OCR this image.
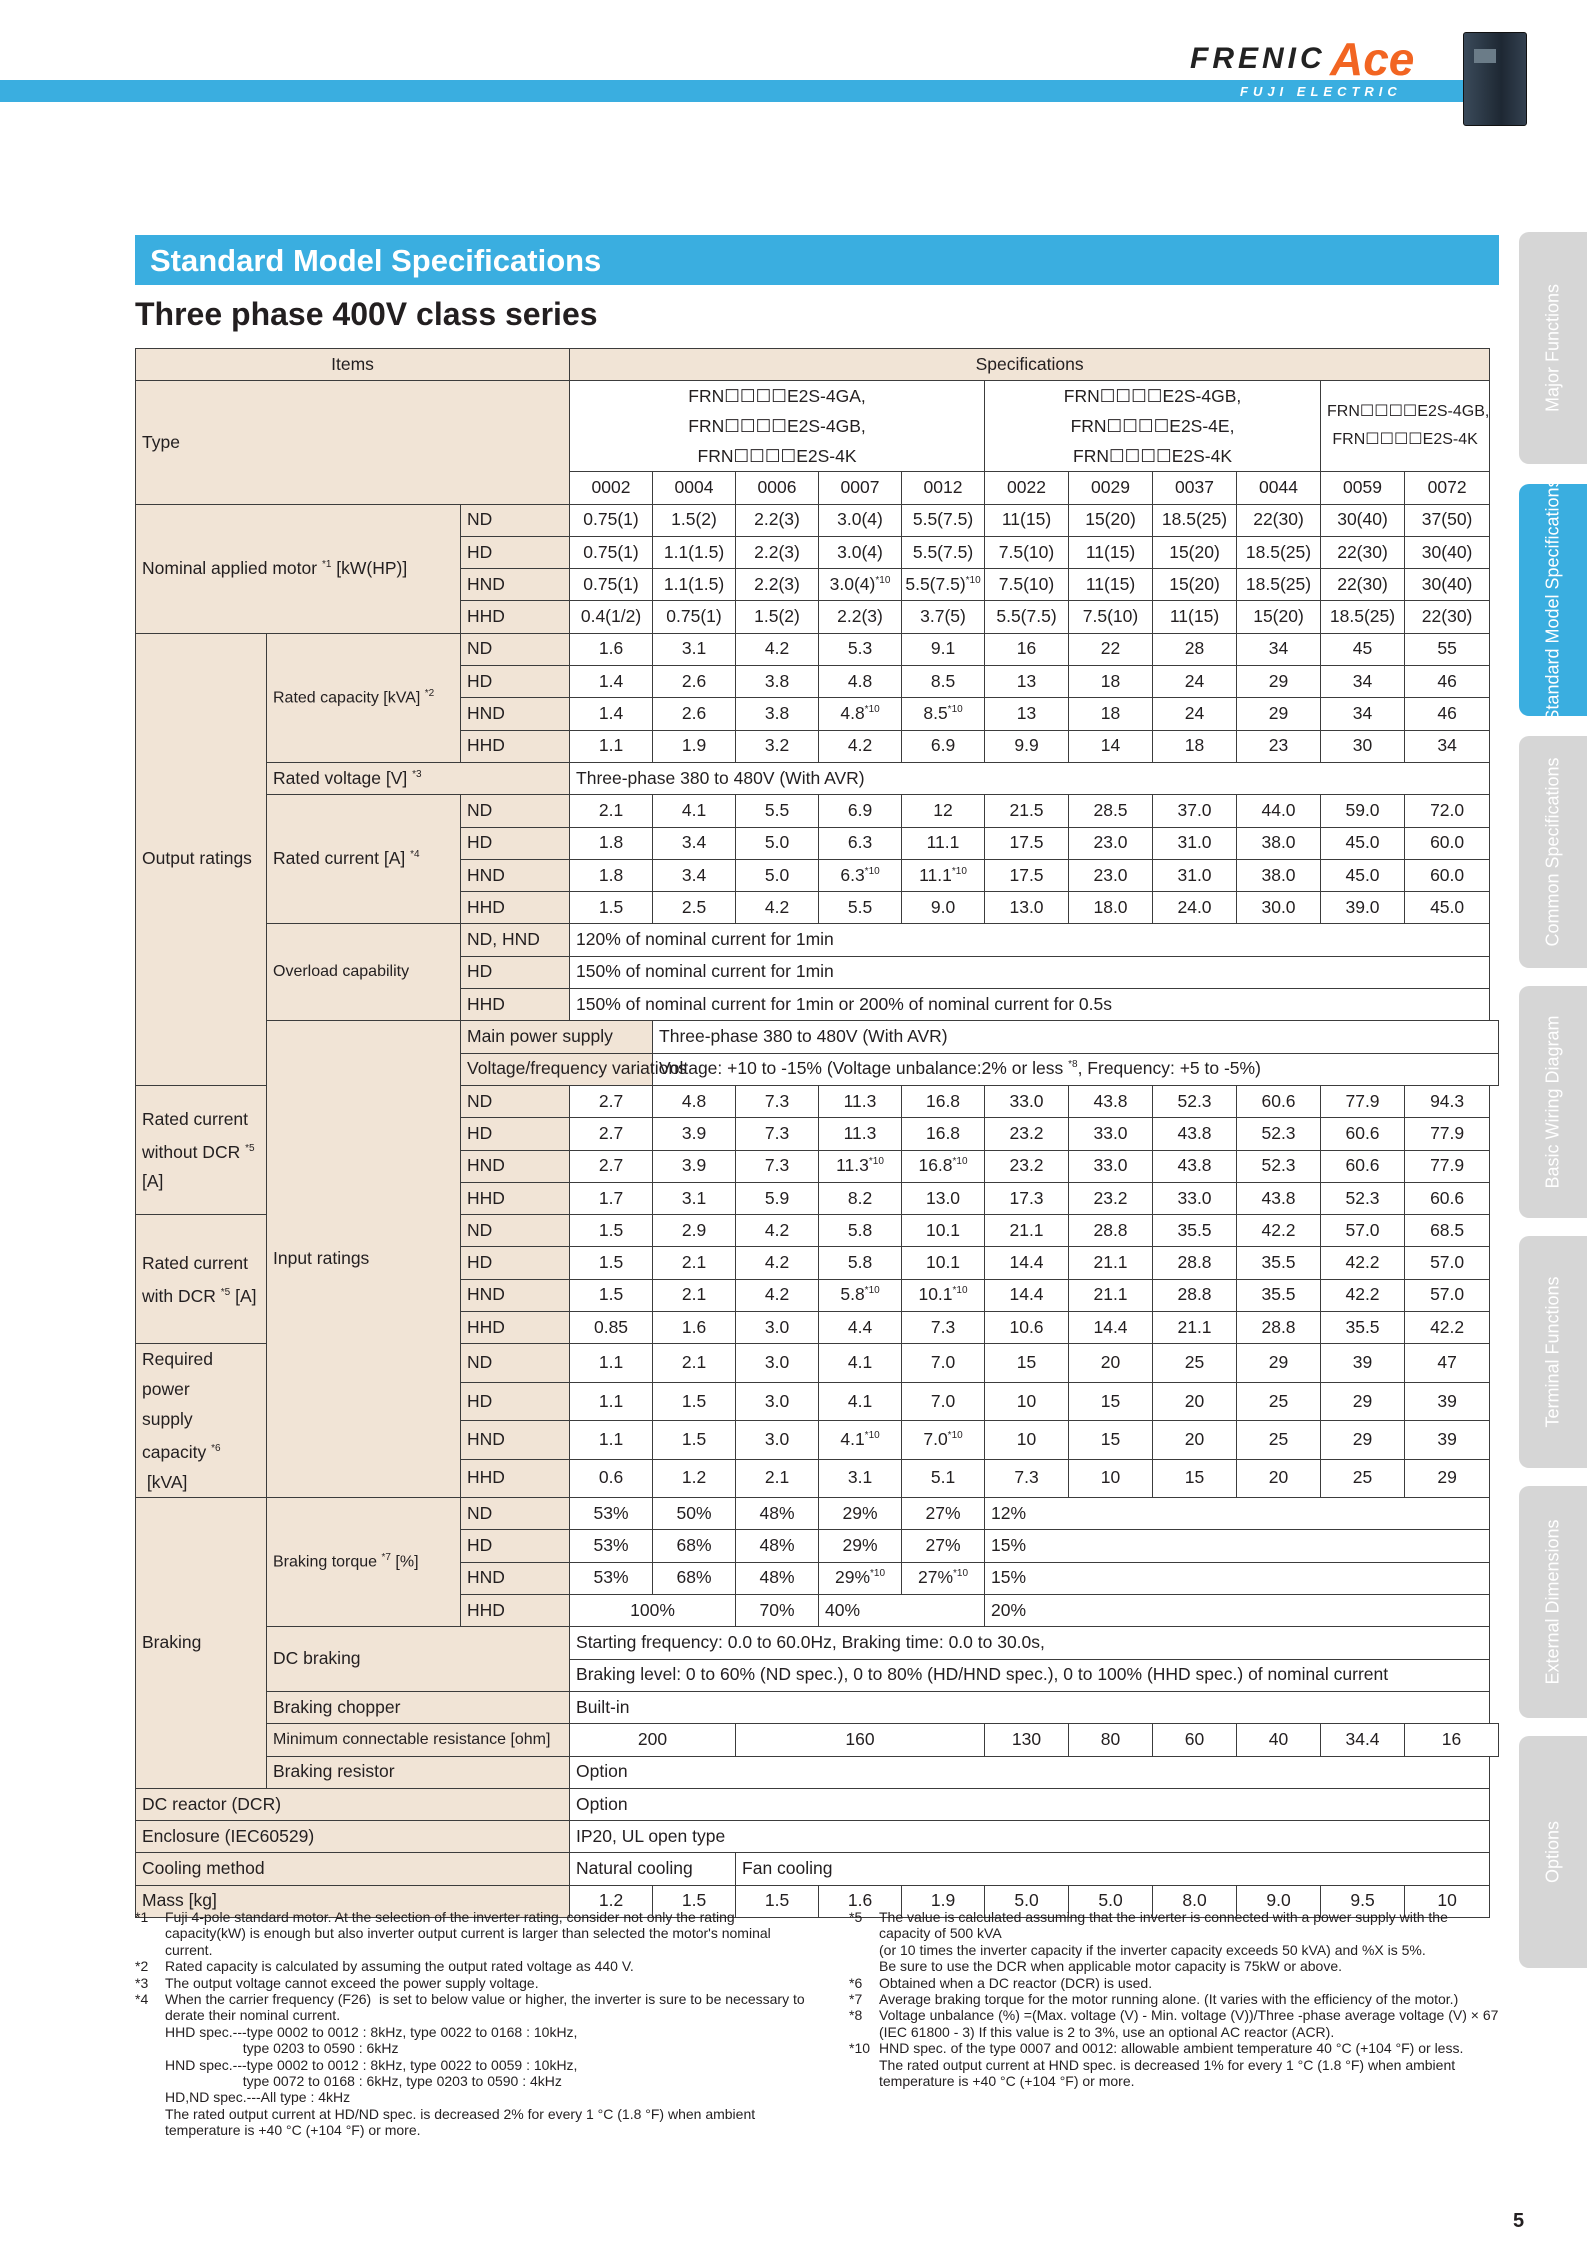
FRENIC Ace
FUJI ELECTRIC INVERTERS
Standard Model Specifications
Three phase 400V class series	Major Functions
Standard Model Specifications
Common Specifications
Basic Wiring Diagram
Terminal Functions
External Dimensions
Options
Items			Specifications										
Type			FRN☐☐☐☐E2S-4GA,
FRN☐☐☐☐E2S-4GB,
FRN☐☐☐☐E2S-4K					FRN☐☐☐☐E2S-4GB,
FRN☐☐☐☐E2S-4E,
FRN☐☐☐☐E2S-4K				FRN☐☐☐☐E2S-4GB,
FRN☐☐☐☐E2S-4K	
			0002	0004	0006	0007	0012	0022	0029	0037	0044	0059	0072
Nominal applied motor $^{*1}$ [kW(HP)]		ND	0.75(1)	1.5(2)	2.2(3)	3.0(4)	5.5(7.5)	11(15)	15(20)	18.5(25)	22(30)	30(40)	37(50)
		HD	0.75(1)	1.1(1.5)	2.2(3)	3.0(4)	5.5(7.5)	7.5(10)	11(15)	15(20)	18.5(25)	22(30)	30(40)
		HND	0.75(1)	1.1(1.5)	2.2(3)	$3.0(4)^{*10}$	$5.5(7.5)^{*10}$	7.5(10)	11(15)	15(20)	18.5(25)	22(30)	30(40)
		HHD	0.4(1/2)	0.75(1)	1.5(2)	2.2(3)	3.7(5)	5.5(7.5)	7.5(10)	11(15)	15(20)	18.5(25)	22(30)
Output ratings	Rated capacity [kVA] $^{*2}$	ND	1.6	3.1	4.2	5.3	9.1	16	22	28	34	45	55
		HD	1.4	2.6	3.8	4.8	8.5	13	18	24	29	34	46
		HND	1.4	2.6	3.8	4.8$^{*10}$	8.5$^{*10}$	13	18	24	29	34	46
		HHD	1.1	1.9	3.2	4.2	6.9	9.9	14	18	23	30	34
	Rated voltage [V] $^{*3}$		Three-phase 380 to 480V (With AVR)										
	Rated current [A] $^{*4}$	ND	2.1	4.1	5.5	6.9	12	21.5	28.5	37.0	44.0	59.0	72.0
		HD	1.8	3.4	5.0	6.3	11.1	17.5	23.0	31.0	38.0	45.0	60.0
		HND	1.8	3.4	5.0	6.3$^{*10}$	11.1$^{*10}$	17.5	23.0	31.0	38.0	45.0	60.0
		HHD	1.5	2.5	4.2	5.5	9.0	13.0	18.0	24.0	30.0	39.0	45.0
	Overload capability	ND, HND	120% of nominal current for 1min										
		HD	150% of nominal current for 1min										
		HHD	150% of nominal current for 1min or 200% of nominal current for 0.5s										
	Input ratings	Main power supply		Three-phase 380 to 480V (With AVR)									
		Voltage/frequency variations		Voltage: +10 to -15% (Voltage unbalance:2% or less $^{*8}$, Frequency: +5 to -5%)									
Rated current
without DCR $^{*5}$ [A]		ND	2.7	4.8	7.3	11.3	16.8	33.0	43.8	52.3	60.6	77.9	94.3
		HD	2.7	3.9	7.3	11.3	16.8	23.2	33.0	43.8	52.3	60.6	77.9
		HND	2.7	3.9	7.3	11.3$^{*10}$	16.8$^{*10}$	23.2	33.0	43.8	52.3	60.6	77.9
		HHD	1.7	3.1	5.9	8.2	13.0	17.3	23.2	33.0	43.8	52.3	60.6
Rated current
with DCR $^{*5}$ [A]		ND	1.5	2.9	4.2	5.8	10.1	21.1	28.8	35.5	42.2	57.0	68.5
		HD	1.5	2.1	4.2	5.8	10.1	14.4	21.1	28.8	35.5	42.2	57.0
		HND	1.5	2.1	4.2	5.8$^{*10}$	10.1$^{*10}$	14.4	21.1	28.8	35.5	42.2	57.0
		HHD	0.85	1.6	3.0	4.4	7.3	10.6	14.4	21.1	28.8	35.5	42.2
Required power
supply capacity $^{*6}$
[kVA]		ND	1.1	2.1	3.0	4.1	7.0	15	20	25	29	39	47
		HD	1.1	1.5	3.0	4.1	7.0	10	15	20	25	29	39
		HND	1.1	1.5	3.0	4.1$^{*10}$	7.0$^{*10}$	10	15	20	25	29	39
		HHD	0.6	1.2	2.1	3.1	5.1	7.3	10	15	20	25	29
Braking	Braking torque $^{*7}$ [%]	ND	53%	50%	48%	29%	27%	12%					
		HD	53%	68%	48%	29%	27%	15%					
		HND	53%	68%	48%	29%$^{*10}$	27%$^{*10}$	15%					
		HHD	100%		70%	40%		20%					
	DC braking		Starting frequency: 0.0 to 60.0Hz, Braking time: 0.0 to 30.0s,										
			Braking level: 0 to 60% (ND spec.), 0 to 80% (HD/HND spec.), 0 to 100% (HHD spec.) of nominal current										
	Braking chopper		Built-in										
	Minimum connectable resistance [ohm]		200		160			130	80	60	40	34.4	16
	Braking resistor		Option										
DC reactor (DCR)			Option										
Enclosure (IEC60529)			IP20, UL open type										
Cooling method			Natural cooling		Fan cooling								
Mass [kg]			1.2	1.5	1.5	1.6	1.9	5.0	5.0	8.0	9.0	9.5	10
*1 Fuji 4-pole standard motor. At the selection of the inverter rating, consider not only the rating capacity(kW) is enough but also inverter output current is larger than selected the motor's nominal current.
*2 Rated capacity is calculated by assuming the output rated voltage as 440 V.
*3 The output voltage cannot exceed the power supply voltage.
*4 When the carrier frequency (F26)  is set to below value or higher, the inverter is sure to be necessary to derate their nominal current.
HHD spec.---type 0002 to 0012 : 8kHz, type 0022 to 0168 : 10kHz,
type 0203 to 0590 : 6kHz
HND spec.---type 0002 to 0012 : 8kHz, type 0022 to 0059 : 10kHz,
type 0072 to 0168 : 6kHz, type 0203 to 0590 : 4kHz
HD,ND spec.---All type : 4kHz
The rated output current at HD/ND spec. is decreased 2% for every 1 °C (1.8 °F) when ambient temperature is +40 °C (+104 °F) or more.
*5 The value is calculated assuming that the inverter is connected with a power supply with the capacity of 500 kVA
(or 10 times the inverter capacity if the inverter capacity exceeds 50 kVA) and %X is 5%.
Be sure to use the DCR when applicable motor capacity is 75kW or above.
*6 Obtained when a DC reactor (DCR) is used.
*7 Average braking torque for the motor running alone. (It varies with the efficiency of the motor.)
*8 Voltage unbalance (%) =(Max. voltage (V) - Min. voltage (V))/Three -phase average voltage (V) × 67 (IEC 61800 - 3) If this value is 2 to 3%, use an optional AC reactor (ACR).
*10 HND spec. of the type 0007 and 0012: allowable ambient temperature 40 °C (+104 °F) or less.
The rated output current at HND spec. is decreased 1% for every 1 °C (1.8 °F) when ambient temperature is +40 °C (+104 °F) or more.
5
